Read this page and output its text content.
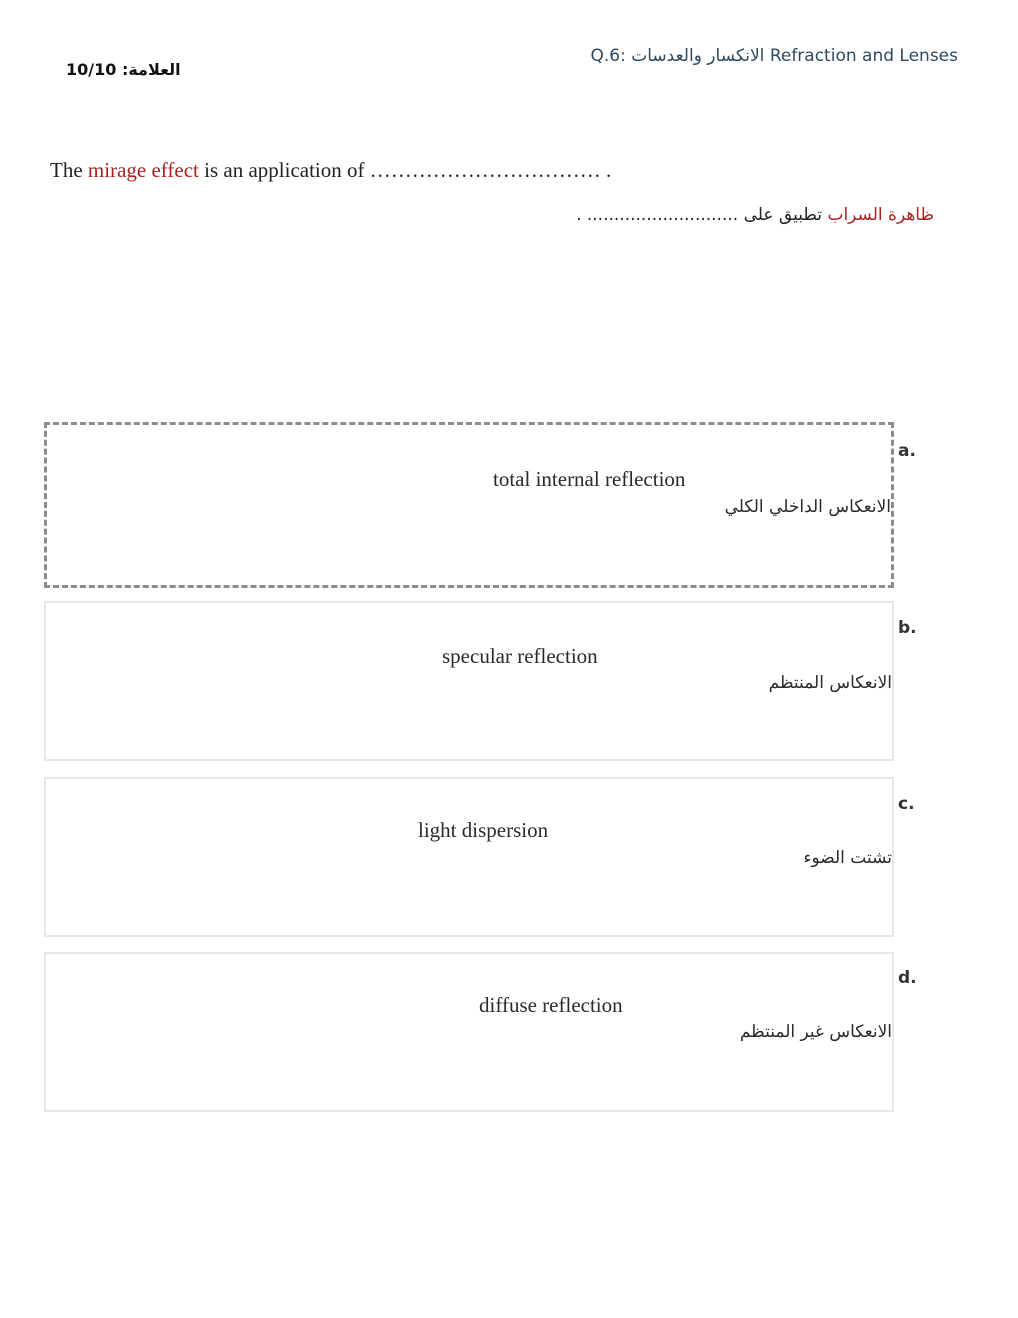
العلامة: 10/10
Q.6: الانكسار والعدسات Refraction and Lenses
The mirage effect is an application of …………………………… .
ظاهرة السراب تطبيق على ............................ .
a.
total internal reflection
الانعكاس الداخلي الكلي
b.
specular reflection
الانعكاس المنتظم
c.
light dispersion
تشتت الضوء
d.
diffuse reflection
الانعكاس غير المنتظم
